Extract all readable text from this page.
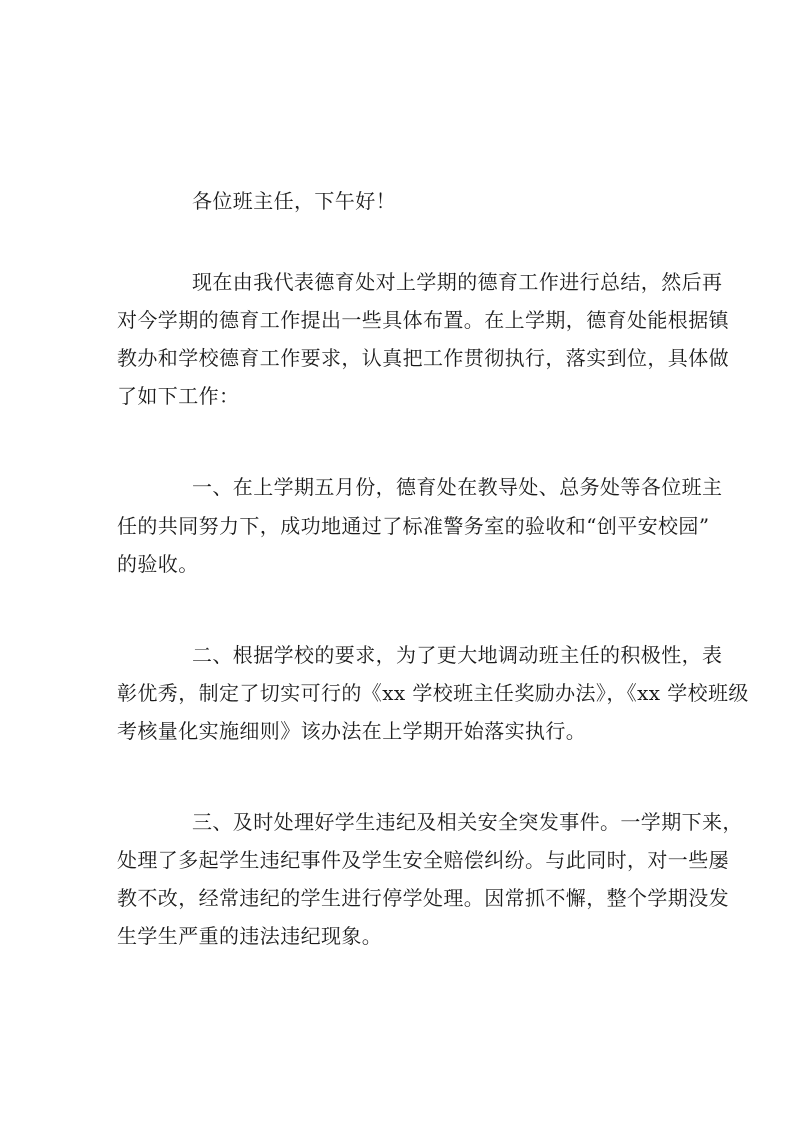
各位班主任，下午好！
现在由我代表德育处对上学期的德育工作进行总结，然后再
对今学期的德育工作提出一些具体布置。在上学期，德育处能根据镇
教办和学校德育工作要求，认真把工作贯彻执行，落实到位，具体做
了如下工作：
一、在上学期五月份，德育处在教导处、总务处等各位班主
任的共同努力下，成功地通过了标准警务室的验收和“创平安校园”
的验收。
二、根据学校的要求，为了更大地调动班主任的积极性，表
彰优秀，制定了切实可行的《xx 学校班主任奖励办法》，《xx 学校班级
考核量化实施细则》该办法在上学期开始落实执行。
三、及时处理好学生违纪及相关安全突发事件。一学期下来，
处理了多起学生违纪事件及学生安全赔偿纠纷。与此同时，对一些屡
教不改，经常违纪的学生进行停学处理。因常抓不懈，整个学期没发
生学生严重的违法违纪现象。
